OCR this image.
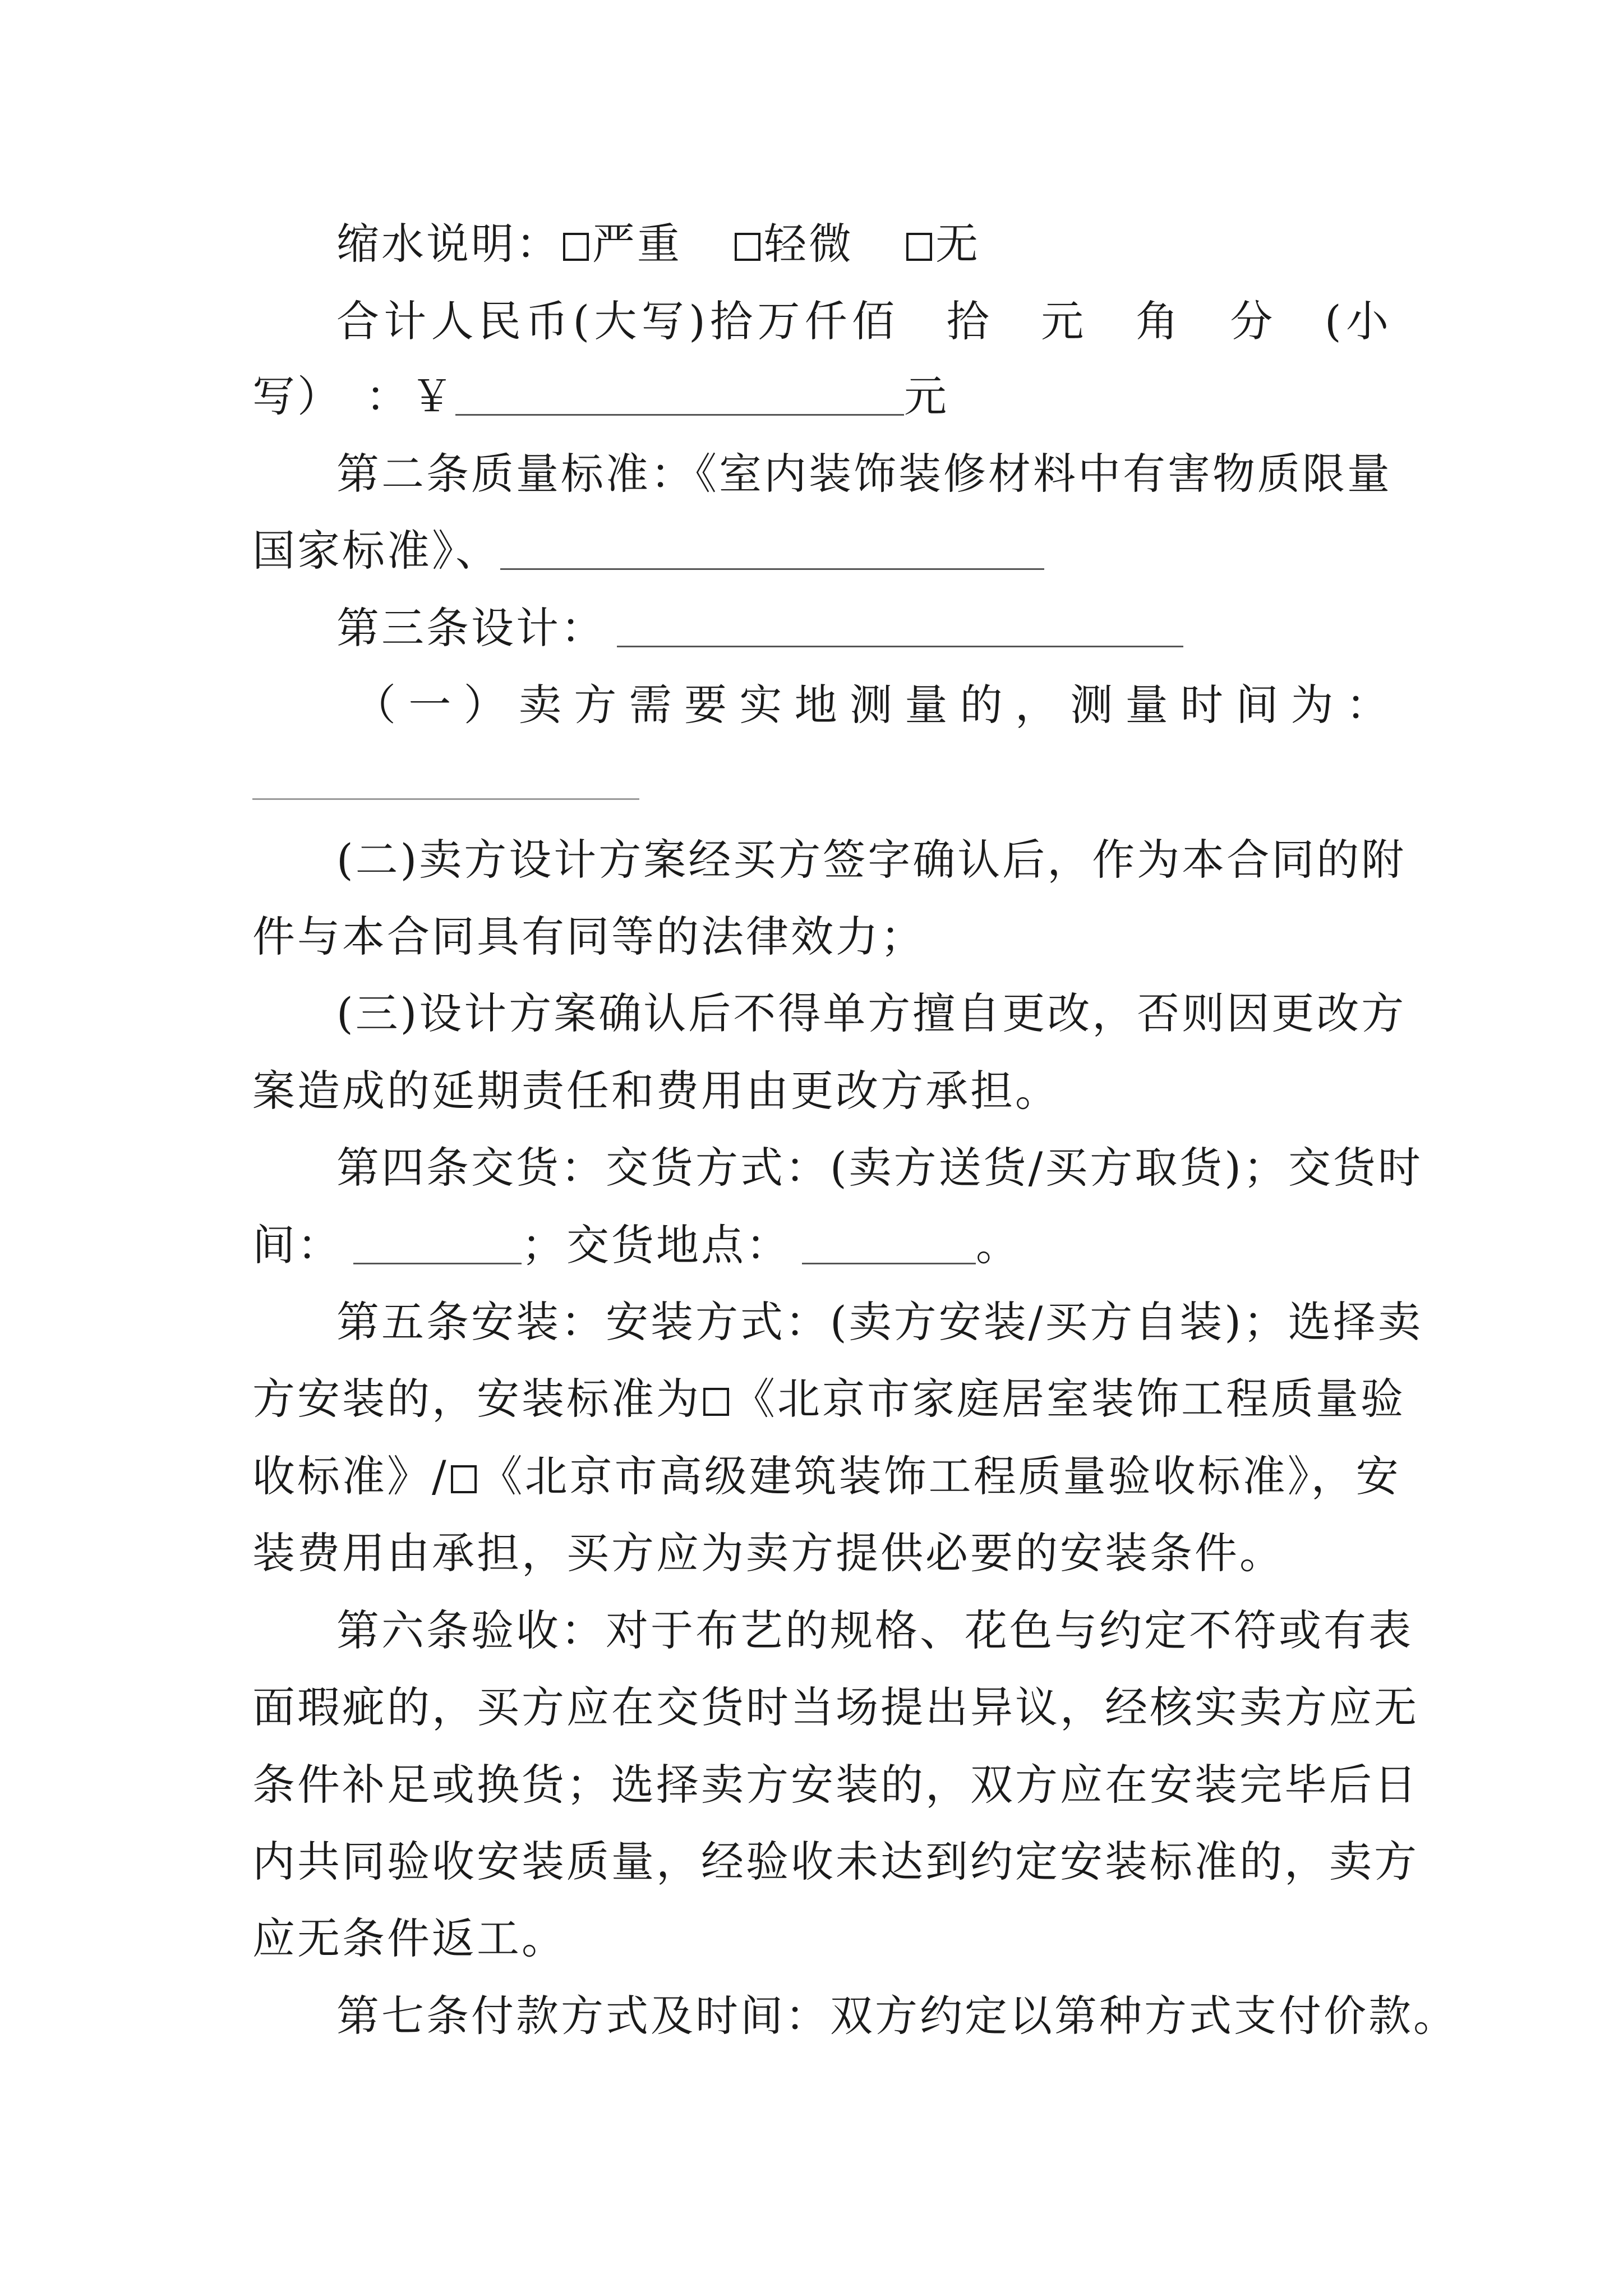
缩水说明： 严重 轻微 无
合计人民币(大写)拾万仟佰　拾　元　角　分　(小
写）　：￥	元
第二条质量标准：《室内装饰装修材料中有害物质限量
国家标准》、
第三条设计：
（一）卖方需要实地测量的，测量时间为：
(二)卖方设计方案经买方签字确认后，作为本合同的附
件与本合同具有同等的法律效力；
(三)设计方案确认后不得单方擅自更改，否则因更改方
案造成的延期责任和费用由更改方承担。
第四条交货：交货方式：(卖方送货/买方取货)；交货时
间：	；交货地点：	。
第五条安装：安装方式：(卖方安装/买方自装)；选择卖
方安装的，安装标准为 《北京市家庭居室装饰工程质量验
收标准》/ 《北京市高级建筑装饰工程质量验收标准》，安
装费用由承担，买方应为卖方提供必要的安装条件。
第六条验收：对于布艺的规格、花色与约定不符或有表
面瑕疵的，买方应在交货时当场提出异议，经核实卖方应无
条件补足或换货；选择卖方安装的，双方应在安装完毕后日
内共同验收安装质量，经验收未达到约定安装标准的，卖方
应无条件返工。
第七条付款方式及时间：双方约定以第种方式支付价款。
